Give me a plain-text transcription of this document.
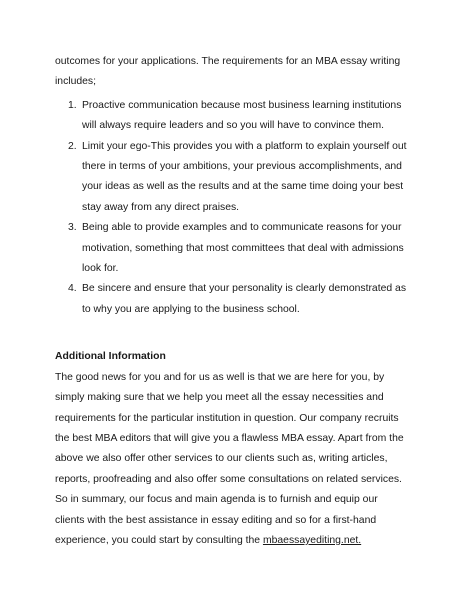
outcomes for your applications. The requirements for an MBA essay writing includes;

1. Proactive communication because most business learning institutions will always require leaders and so you will have to convince them.
2. Limit your ego-This provides you with a platform to explain yourself out there in terms of your ambitions, your previous accomplishments, and your ideas as well as the results and at the same time doing your best stay away from any direct praises.
3. Being able to provide examples and to communicate reasons for your motivation, something that most committees that deal with admissions look for.
4. Be sincere and ensure that your personality is clearly demonstrated as to why you are applying to the business school.

Additional Information

The good news for you and for us as well is that we are here for you, by simply making sure that we help you meet all the essay necessities and requirements for the particular institution in question. Our company recruits the best MBA editors that will give you a flawless MBA essay. Apart from the above we also offer other services to our clients such as, writing articles, reports, proofreading and also offer some consultations on related services. So in summary, our focus and main agenda is to furnish and equip our clients with the best assistance in essay editing and so for a first-hand experience, you could start by consulting the mbaessayediting.net.
